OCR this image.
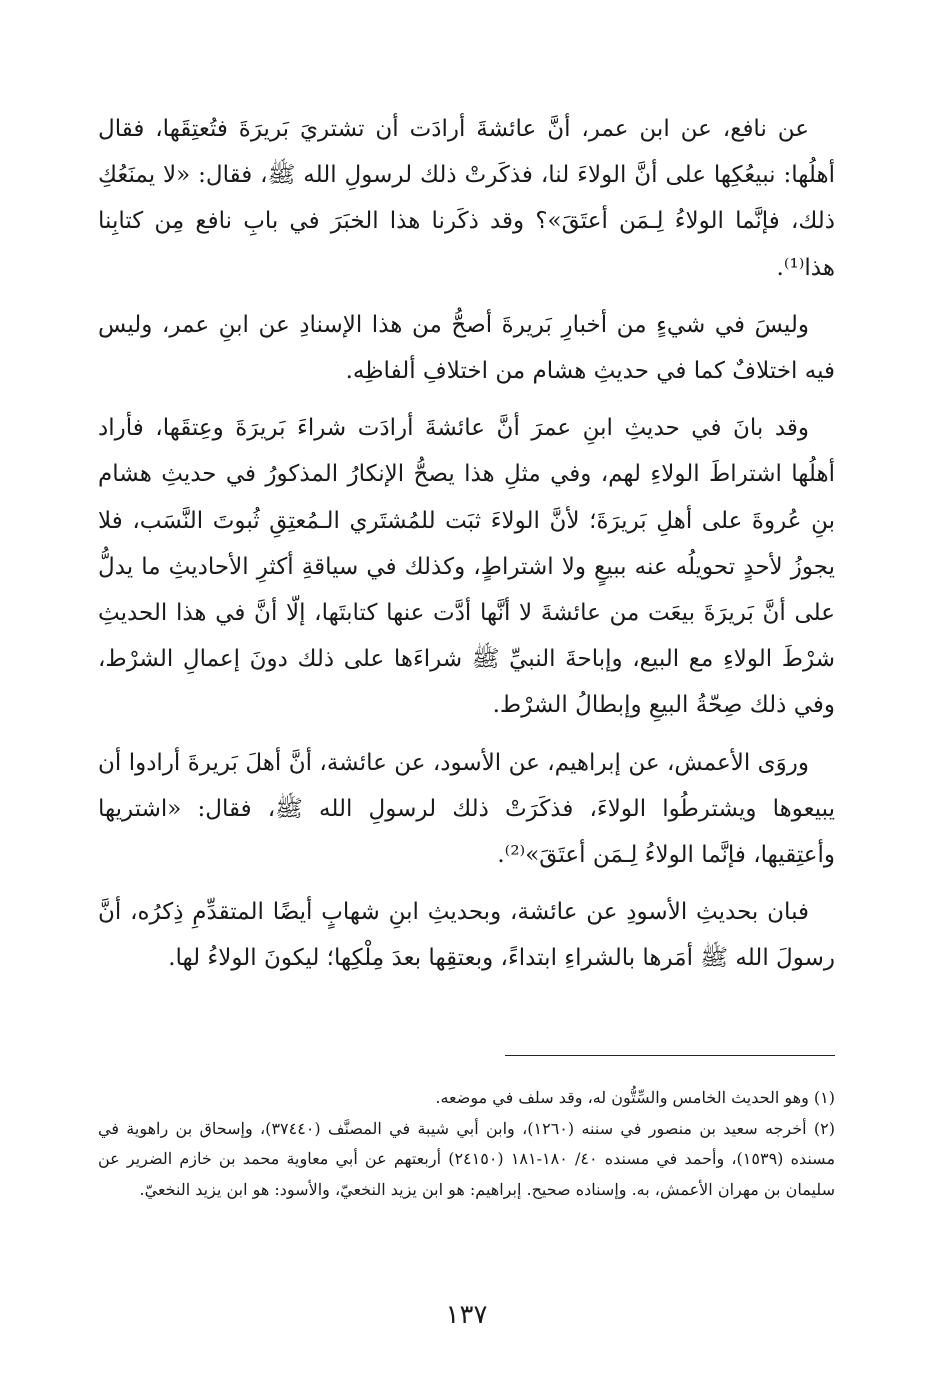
عن نافع، عن ابن عمر، أنَّ عائشةَ أرادَت أن تشتريَ بَريرَةَ فتُعتِقَها، فقال أهلُها: نبيعُكِها على أنَّ الولاءَ لنا، فذكَرتْ ذلك لرسولِ الله ﷺ، فقال: «لا يمنَعُكِ ذلك، فإنَّما الولاءُ لِـمَن أعتَقَ»؟ وقد ذكَرنا هذا الخبَرَ في بابِ نافع مِن كتابِنا هذا⁽¹⁾.

وليسَ في شيءٍ من أخبارِ بَريرةَ أصحُّ من هذا الإسنادِ عن ابنِ عمر، وليس فيه اختلافٌ كما في حديثِ هشام من اختلافِ ألفاظِه.

وقد بانَ في حديثِ ابنِ عمرَ أنَّ عائشةَ أرادَت شراءَ بَريرَةَ وعِتقَها، فأراد أهلُها اشتراطَ الولاءِ لهم، وفي مثلِ هذا يصحُّ الإنكارُ المذكورُ في حديثِ هشام بنِ عُروةَ على أهلِ بَريرَةَ؛ لأنَّ الولاءَ ثبَت للمُشتَري الـمُعتِقِ ثُبوتَ النَّسَب، فلا يجوزُ لأحدٍ تحويلُه عنه ببيعٍ ولا اشتراطٍ، وكذلك في سياقةِ أكثرِ الأحاديثِ ما يدلُّ على أنَّ بَريرَةَ بيعَت من عائشةَ لا أنَّها أدَّت عنها كتابتَها، إلّا أنَّ في هذا الحديثِ شرْطَ الولاءِ مع البيع، وإباحةَ النبيِّ ﷺ شراءَها على ذلك دونَ إعمالِ الشرْط، وفي ذلك صِحّةُ البيعِ وإبطالُ الشرْط.

وروَى الأعمش، عن إبراهيم، عن الأسود، عن عائشة، أنَّ أهلَ بَريرةَ أرادوا أن يبيعوها ويشترطُوا الولاءَ، فذكَرَتْ ذلك لرسولِ الله ﷺ، فقال: «اشتريها وأعتِقيها، فإنَّما الولاءُ لِـمَن أعتَقَ»⁽²⁾.

فبان بحديثِ الأسودِ عن عائشة، وبحديثِ ابنِ شهابٍ أيضًا المتقدِّمِ ذِكرُه، أنَّ رسولَ الله ﷺ أمَرها بالشراءِ ابتداءً، وبعتقِها بعدَ مِلْكِها؛ ليكونَ الولاءُ لها.

(١) وهو الحديث الخامس والسِّتُّون له، وقد سلف في موضعه.

(٢) أخرجه سعيد بن منصور في سننه (١٢٦٠)، وابن أبي شيبة في المصنَّف (٣٧٤٤٠)، وإسحاق بن راهوية في مسنده (١٥٣٩)، وأحمد في مسنده ٤٠/ ١٨٠-١٨١ (٢٤١٥٠) أربعتهم عن أبي معاوية محمد بن خازم الضرير عن سليمان بن مهران الأعمش، به. وإسناده صحيح. إبراهيم: هو ابن يزيد النخعيّ، والأسود: هو ابن يزيد النخعيّ.

١٣٧
